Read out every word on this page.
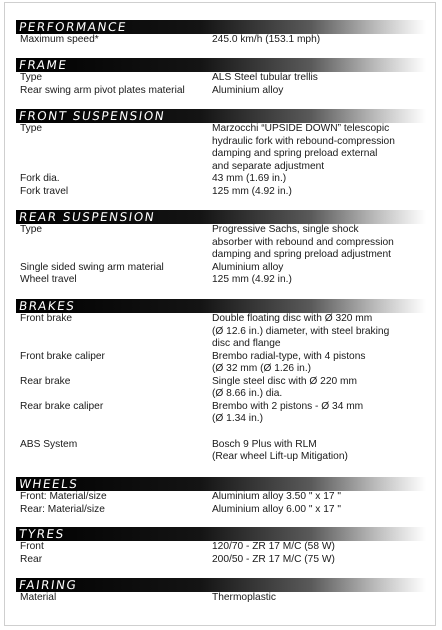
PERFORMANCE
Maximum speed*	245.0 km/h (153.1 mph)
FRAME
Type	ALS Steel tubular trellis
Rear swing arm pivot plates material	Aluminium alloy
FRONT SUSPENSION
Type	Marzocchi “UPSIDE DOWN” telescopic
hydraulic fork with rebound-compression
damping and spring preload external
and separate adjustment
Fork dia.	43 mm (1.69 in.)
Fork travel	125 mm (4.92 in.)
REAR SUSPENSION
Type	Progressive Sachs, single shock
absorber with rebound and compression
damping and spring preload adjustment
Single sided swing arm material	Aluminium alloy
Wheel travel	125 mm (4.92 in.)
BRAKES
Front brake	Double floating disc with Ø 320 mm
(Ø 12.6 in.) diameter, with steel braking
disc and flange
Front brake caliper	Brembo radial-type, with 4 pistons
(Ø 32 mm (Ø 1.26 in.)
Rear brake	Single steel disc with Ø 220 mm
(Ø 8.66 in.) dia.
Rear brake caliper	Brembo with 2 pistons - Ø 34 mm
(Ø 1.34 in.)
ABS System	Bosch 9 Plus with RLM
(Rear wheel Lift-up Mitigation)
WHEELS
Front: Material/size	Aluminium alloy 3.50 " x 17 "
Rear: Material/size	Aluminium alloy 6.00 " x 17 "
TYRES
Front	120/70 - ZR 17 M/C (58 W)
Rear	200/50 - ZR 17 M/C (75 W)
FAIRING
Material	Thermoplastic
